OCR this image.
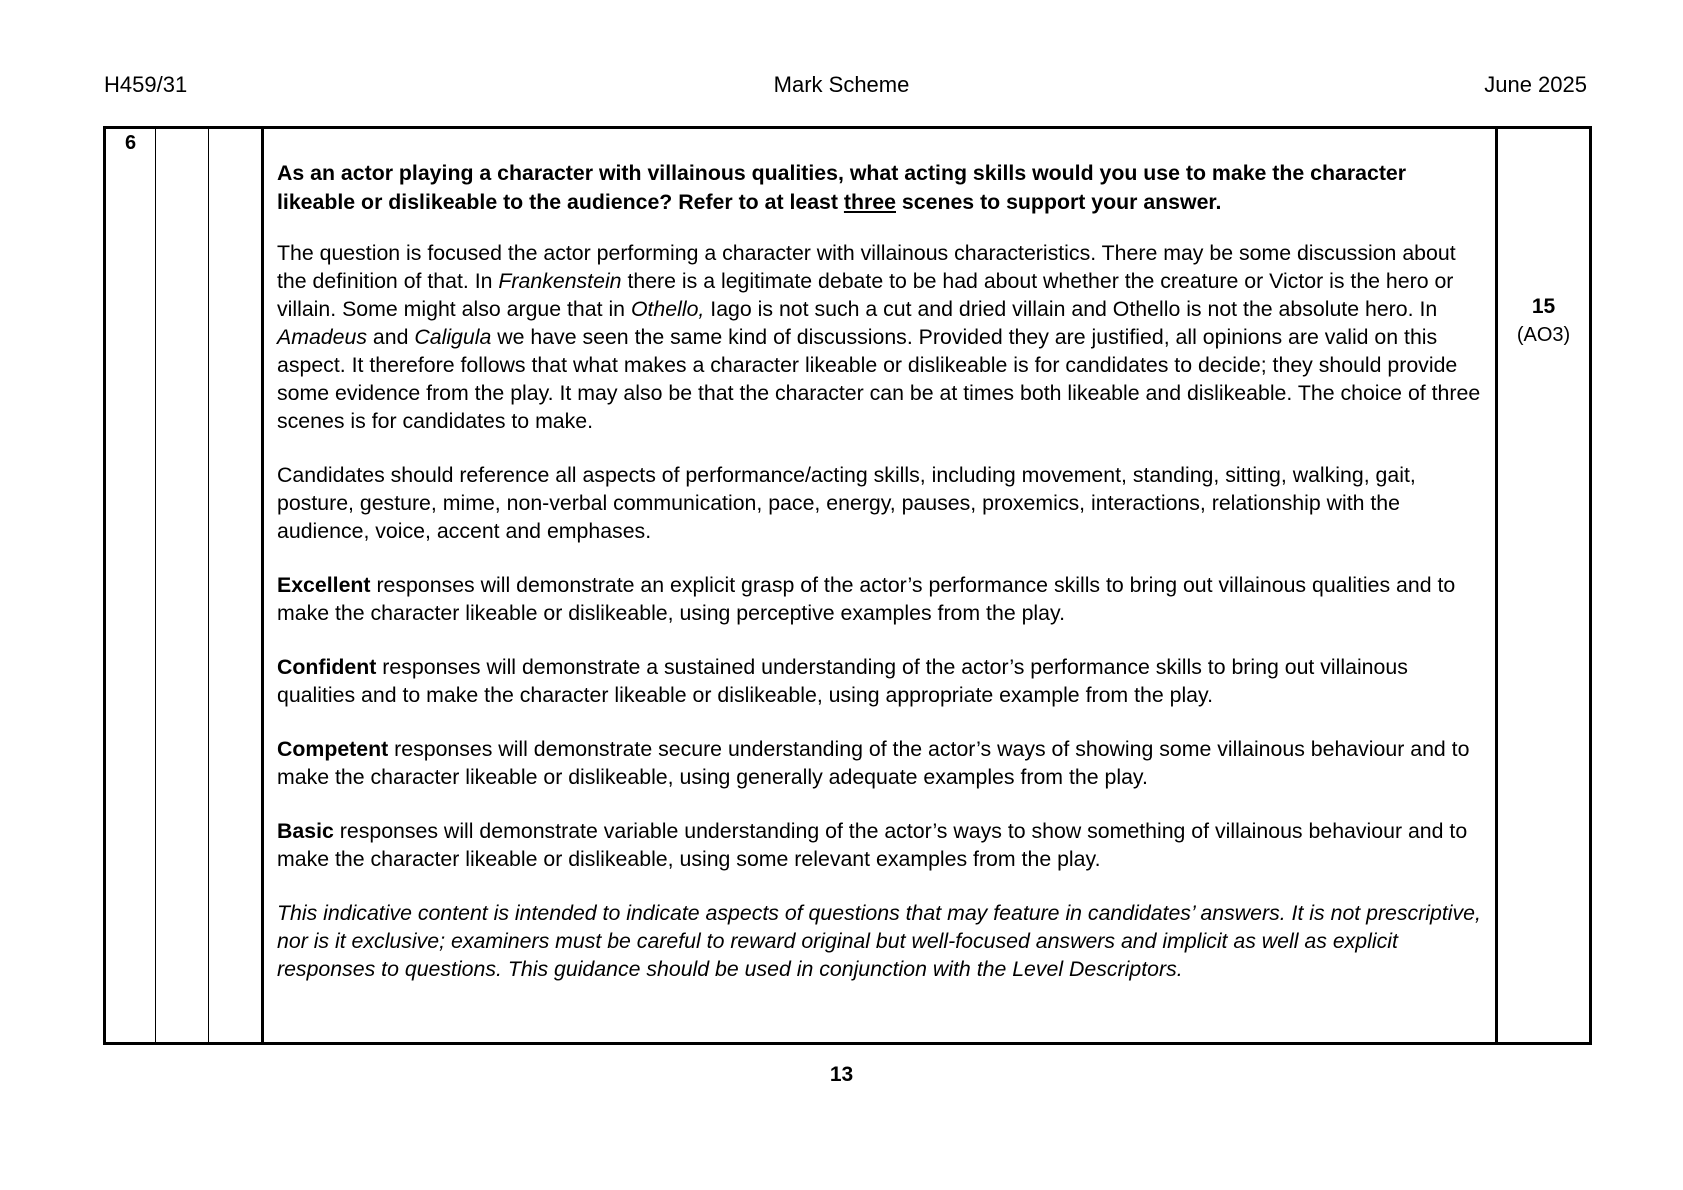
H459/31	Mark Scheme	June 2025
6			

As an actor playing a character with villainous qualities, what acting skills would you use to make the character likeable or dislikeable to the audience? Refer to at least three scenes to support your answer.

The question is focused the actor performing a character with villainous characteristics. There may be some discussion about the definition of that. In Frankenstein there is a legitimate debate to be had about whether the creature or Victor is the hero or villain. Some might also argue that in Othello, Iago is not such a cut and dried villain and Othello is not the absolute hero. In Amadeus and Caligula we have seen the same kind of discussions. Provided they are justified, all opinions are valid on this aspect. It therefore follows that what makes a character likeable or dislikeable is for candidates to decide; they should provide some evidence from the play. It may also be that the character can be at times both likeable and dislikeable. The choice of three scenes is for candidates to make.

Candidates should reference all aspects of performance/acting skills, including movement, standing, sitting, walking, gait, posture, gesture, mime, non-verbal communication, pace, energy, pauses, proxemics, interactions, relationship with the audience, voice, accent and emphases.

Excellent responses will demonstrate an explicit grasp of the actor’s performance skills to bring out villainous qualities and to make the character likeable or dislikeable, using perceptive examples from the play.

Confident responses will demonstrate a sustained understanding of the actor’s performance skills to bring out villainous qualities and to make the character likeable or dislikeable, using appropriate example from the play.

Competent responses will demonstrate secure understanding of the actor’s ways of showing some villainous behaviour and to make the character likeable or dislikeable, using generally adequate examples from the play.

Basic responses will demonstrate variable understanding of the actor’s ways to show something of villainous behaviour and to make the character likeable or dislikeable, using some relevant examples from the play.

This indicative content is intended to indicate aspects of questions that may feature in candidates’ answers. It is not prescriptive, nor is it exclusive; examiners must be careful to reward original but well-focused answers and implicit as well as explicit responses to questions. This guidance should be used in conjunction with the Level Descriptors.

15
(AO3)
13
